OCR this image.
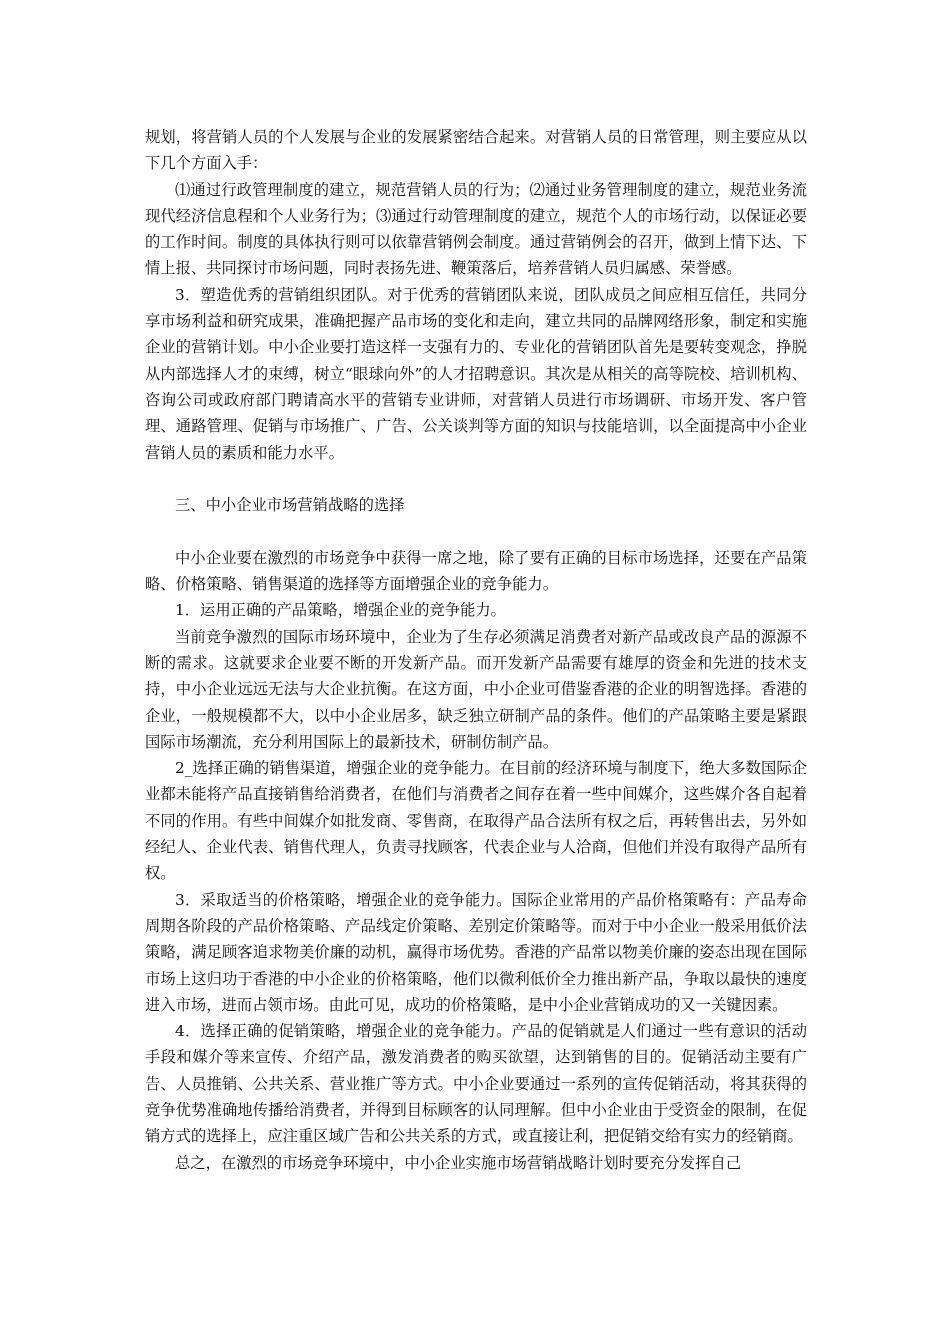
规划，将营销人员的个人发展与企业的发展紧密结合起来。对营销人员的日常管理，则主要应从以下几个方面入手：

⑴通过行政管理制度的建立，规范营销人员的行为；⑵通过业务管理制度的建立，规范业务流现代经济信息程和个人业务行为；⑶通过行动管理制度的建立，规范个人的市场行动，以保证必要的工作时间。制度的具体执行则可以依靠营销例会制度。通过营销例会的召开，做到上情下达、下情上报、共同探讨市场问题，同时表扬先进、鞭策落后，培养营销人员归属感、荣誉感。

3．塑造优秀的营销组织团队。对于优秀的营销团队来说，团队成员之间应相互信任，共同分享市场利益和研究成果，准确把握产品市场的变化和走向，建立共同的品牌网络形象，制定和实施企业的营销计划。中小企业要打造这样一支强有力的、专业化的营销团队首先是要转变观念，挣脱从内部选择人才的束缚，树立“眼球向外”的人才招聘意识。其次是从相关的高等院校、培训机构、咨询公司或政府部门聘请高水平的营销专业讲师，对营销人员进行市场调研、市场开发、客户管理、通路管理、促销与市场推广、广告、公关谈判等方面的知识与技能培训，以全面提高中小企业营销人员的素质和能力水平。

三、中小企业市场营销战略的选择

中小企业要在激烈的市场竞争中获得一席之地，除了要有正确的目标市场选择，还要在产品策略、价格策略、销售渠道的选择等方面增强企业的竞争能力。

1．运用正确的产品策略，增强企业的竞争能力。

当前竞争激烈的国际市场环境中，企业为了生存必须满足消费者对新产品或改良产品的源源不断的需求。这就要求企业要不断的开发新产品。而开发新产品需要有雄厚的资金和先进的技术支持，中小企业远远无法与大企业抗衡。在这方面，中小企业可借鉴香港的企业的明智选择。香港的企业，一般规模都不大，以中小企业居多，缺乏独立研制产品的条件。他们的产品策略主要是紧跟国际市场潮流，充分利用国际上的最新技术，研制仿制产品。

2_选择正确的销售渠道，增强企业的竞争能力。在目前的经济环境与制度下，绝大多数国际企业都未能将产品直接销售给消费者，在他们与消费者之间存在着一些中间媒介，这些媒介各自起着不同的作用。有些中间媒介如批发商、零售商，在取得产品合法所有权之后，再转售出去，另外如经纪人、企业代表、销售代理人，负责寻找顾客，代表企业与人洽商，但他们并没有取得产品所有权。

3．采取适当的价格策略，增强企业的竞争能力。国际企业常用的产品价格策略有：产品寿命周期各阶段的产品价格策略、产品线定价策略、差别定价策略等。而对于中小企业一般采用低价法策略，满足顾客追求物美价廉的动机，赢得市场优势。香港的产品常以物美价廉的姿态出现在国际市场上这归功于香港的中小企业的价格策略，他们以微利低价全力推出新产品，争取以最快的速度进入市场，进而占领市场。由此可见，成功的价格策略，是中小企业营销成功的又一关键因素。

4．选择正确的促销策略，增强企业的竞争能力。产品的促销就是人们通过一些有意识的活动手段和媒介等来宣传、介绍产品，激发消费者的购买欲望，达到销售的目的。促销活动主要有广告、人员推销、公共关系、营业推广等方式。中小企业要通过一系列的宣传促销活动，将其获得的竞争优势准确地传播给消费者，并得到目标顾客的认同理解。但中小企业由于受资金的限制，在促销方式的选择上，应注重区域广告和公共关系的方式，或直接让利，把促销交给有实力的经销商。

总之，在激烈的市场竞争环境中，中小企业实施市场营销战略计划时要充分发挥自己
